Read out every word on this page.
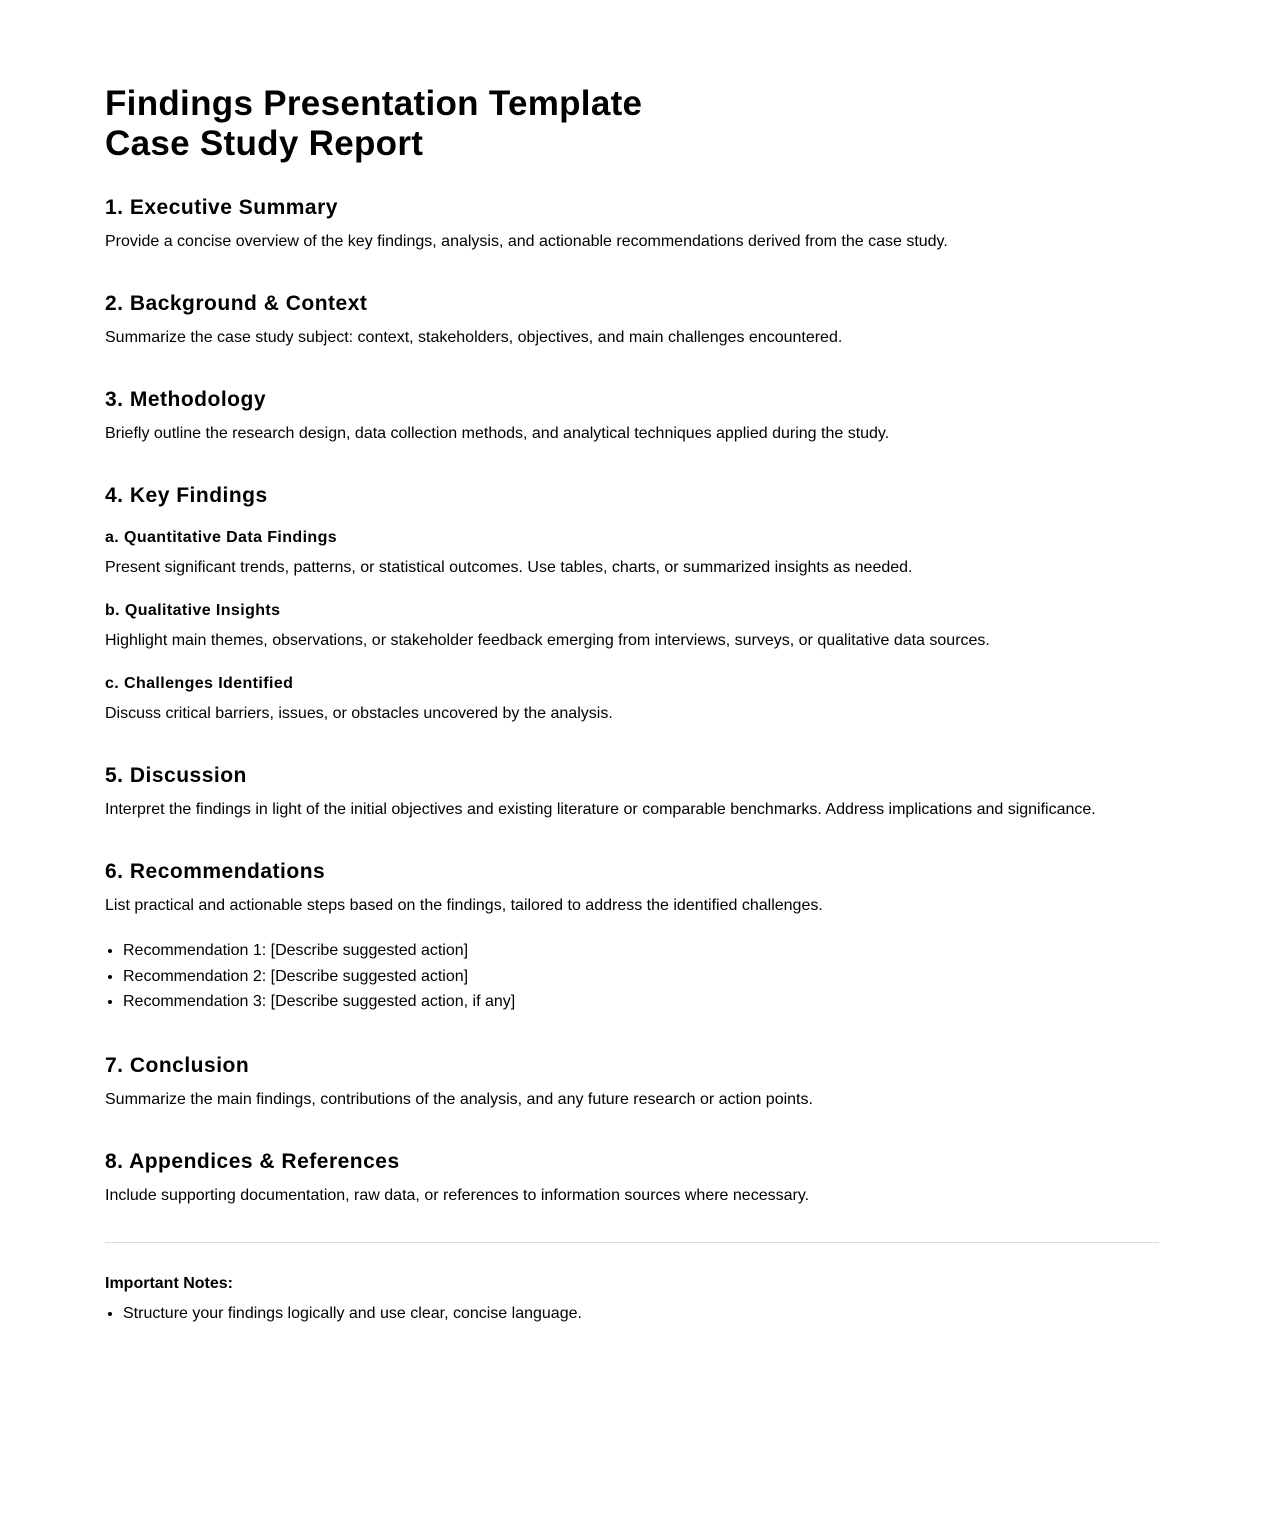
Findings Presentation Template
Case Study Report
1. Executive Summary

Provide a concise overview of the key findings, analysis, and actionable recommendations derived from the case study.

2. Background & Context

Summarize the case study subject: context, stakeholders, objectives, and main challenges encountered.

3. Methodology

Briefly outline the research design, data collection methods, and analytical techniques applied during the study.

4. Key Findings
a. Quantitative Data Findings

Present significant trends, patterns, or statistical outcomes. Use tables, charts, or summarized insights as needed.

b. Qualitative Insights

Highlight main themes, observations, or stakeholder feedback emerging from interviews, surveys, or qualitative data sources.

c. Challenges Identified

Discuss critical barriers, issues, or obstacles uncovered by the analysis.

5. Discussion

Interpret the findings in light of the initial objectives and existing literature or comparable benchmarks. Address implications and significance.

6. Recommendations

List practical and actionable steps based on the findings, tailored to address the identified challenges.

• Recommendation 1: [Describe suggested action]
• Recommendation 2: [Describe suggested action]
• Recommendation 3: [Describe suggested action, if any]
7. Conclusion

Summarize the main findings, contributions of the analysis, and any future research or action points.

8. Appendices & References

Include supporting documentation, raw data, or references to information sources where necessary.

Important Notes:
• Structure your findings logically and use clear, concise language.
